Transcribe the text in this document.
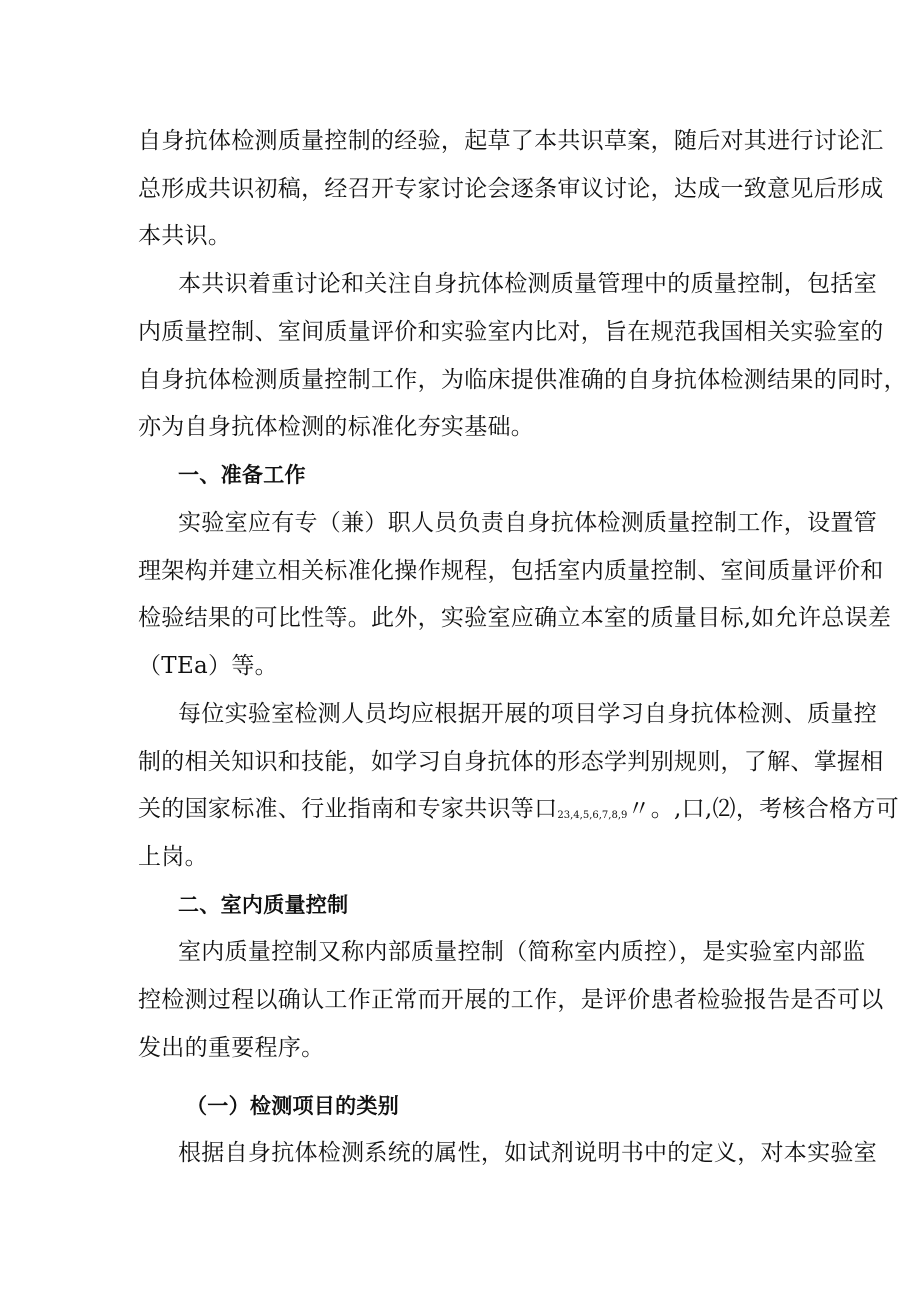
自身抗体检测质量控制的经验，起草了本共识草案，随后对其进行讨论汇
总形成共识初稿，经召开专家讨论会逐条审议讨论，达成一致意见后形成
本共识。
本共识着重讨论和关注自身抗体检测质量管理中的质量控制，包括室
内质量控制、室间质量评价和实验室内比对，旨在规范我国相关实验室的
自身抗体检测质量控制工作，为临床提供准确的自身抗体检测结果的同时，
亦为自身抗体检测的标准化夯实基础。
一、准备工作
实验室应有专（兼）职人员负责自身抗体检测质量控制工作，设置管
理架构并建立相关标准化操作规程，包括室内质量控制、室间质量评价和
检验结果的可比性等。此外，实验室应确立本室的质量目标,如允许总误差
（TEa）等。
每位实验室检测人员均应根据开展的项目学习自身抗体检测、质量控
制的相关知识和技能，如学习自身抗体的形态学判别规则，了解、掌握相
关的国家标准、行业指南和专家共识等口$_{23,4,5,6,7,8,9}$〃。,口,⑵，考核合格方可
上岗。
二、室内质量控制
室内质量控制又称内部质量控制（简称室内质控），是实验室内部监
控检测过程以确认工作正常而开展的工作，是评价患者检验报告是否可以
发出的重要程序。
（一）检测项目的类别
根据自身抗体检测系统的属性，如试剂说明书中的定义，对本实验室
